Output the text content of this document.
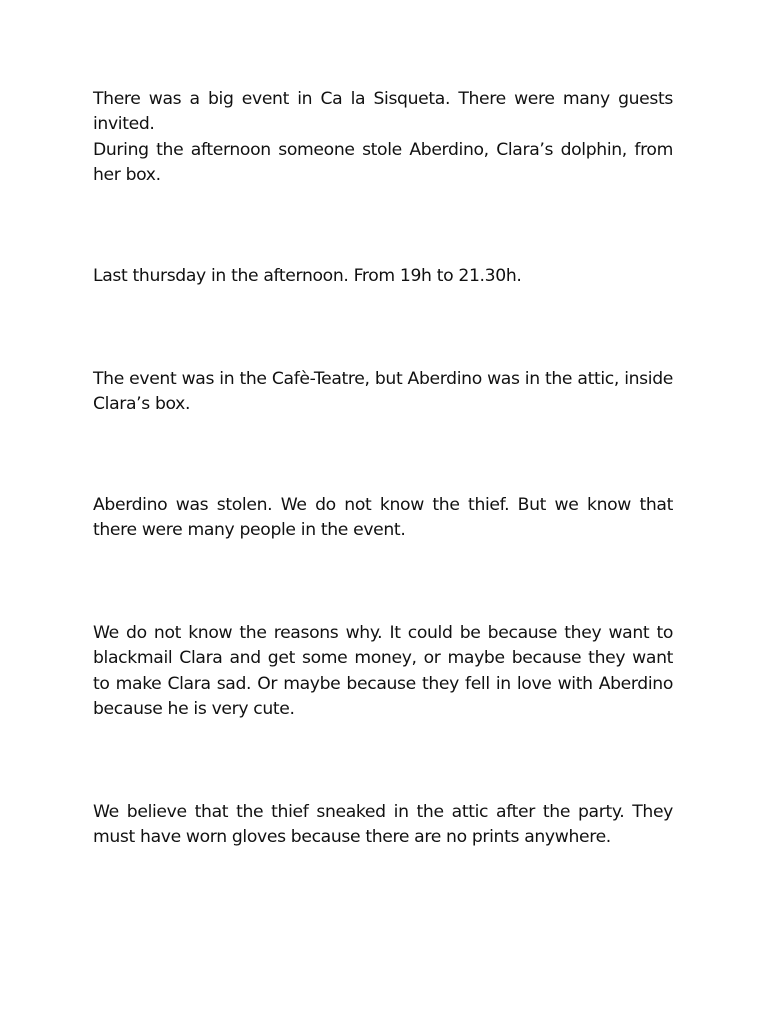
There was a big event in Ca la Sisqueta. There were many guests invited.

During the afternoon someone stole Aberdino, Clara’s dolphin, from her box.

Last thursday in the afternoon. From 19h to 21.30h.

The event was in the Cafè-Teatre, but Aberdino was in the attic, inside Clara’s box.

Aberdino was stolen. We do not know the thief. But we know that there were many people in the event.

We do not know the reasons why. It could be because they want to blackmail Clara and get some money, or maybe because they want to make Clara sad. Or maybe because they fell in love with Aberdino because he is very cute.

We believe that the thief sneaked in the attic after the party. They must have worn gloves because there are no prints anywhere.
